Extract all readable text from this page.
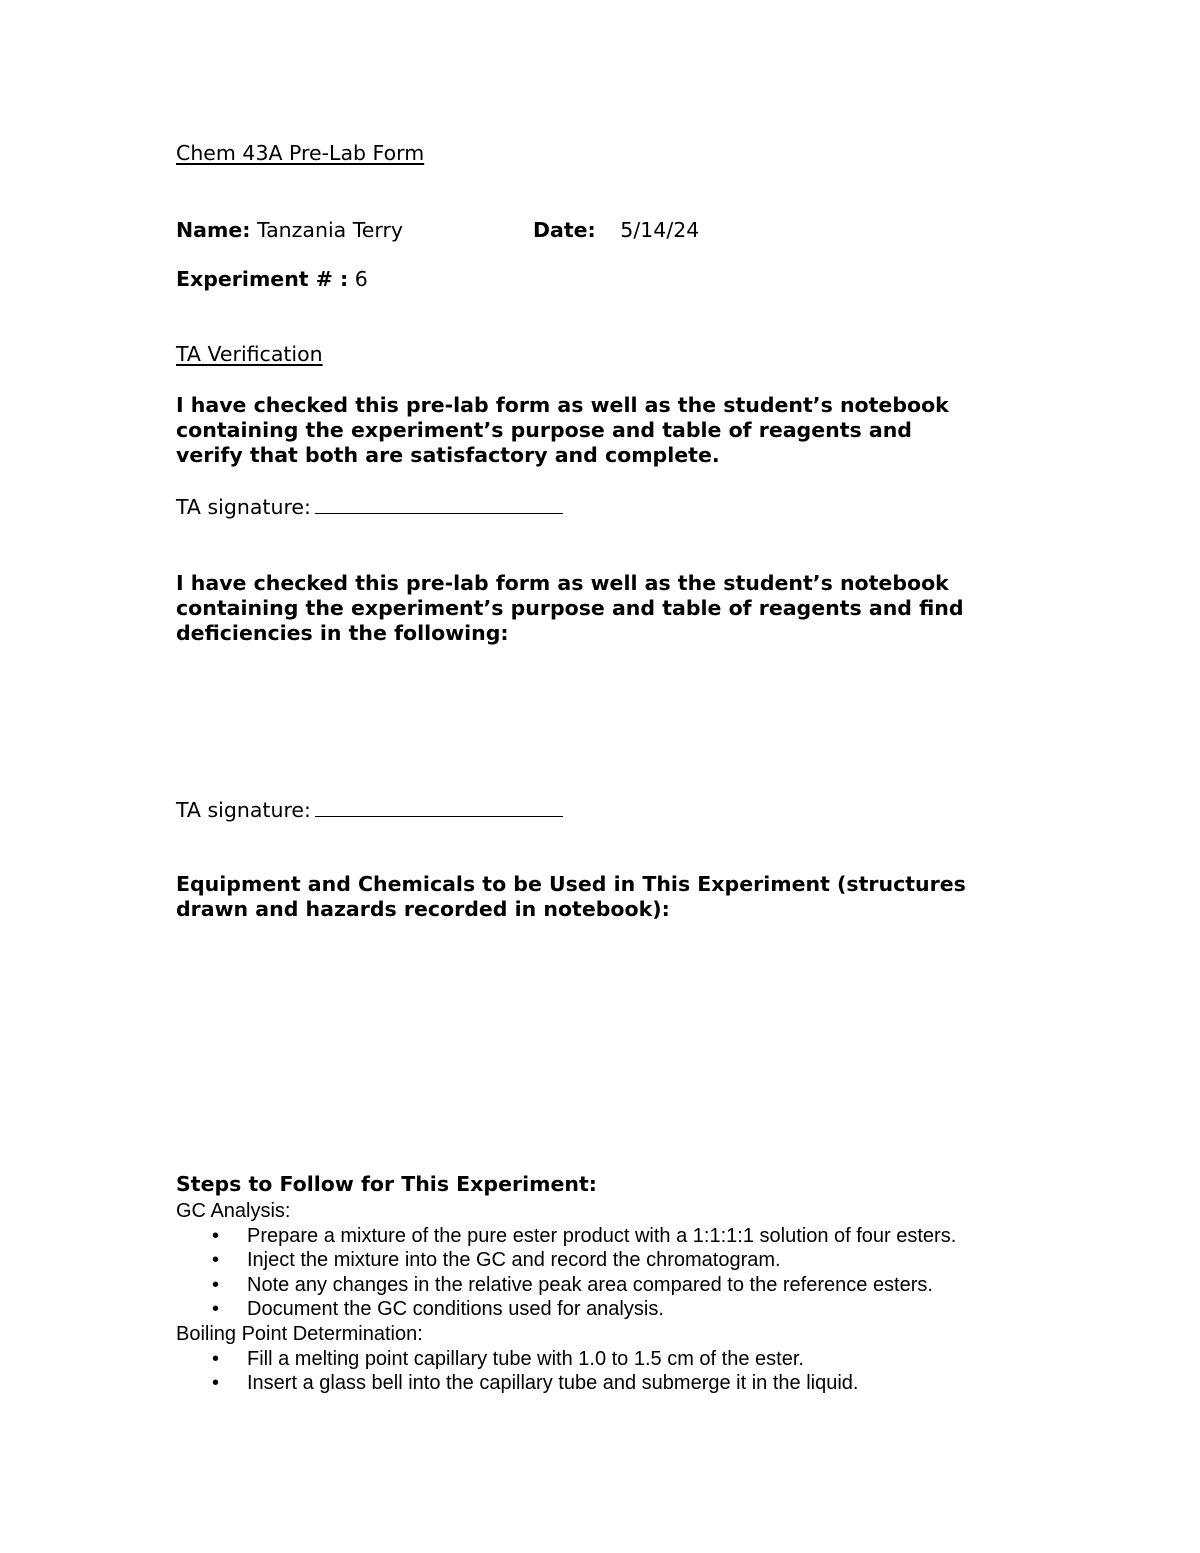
Chem 43A Pre-Lab Form
Name: Tanzania Terry	Date: 5/14/24
Experiment # : 6
TA Verification
I have checked this pre-lab form as well as the student’s notebook
containing the experiment’s purpose and table of reagents and
verify that both are satisfactory and complete.
TA signature:
I have checked this pre-lab form as well as the student’s notebook
containing the experiment’s purpose and table of reagents and find
deficiencies in the following:
TA signature:
Equipment and Chemicals to be Used in This Experiment (structures
drawn and hazards recorded in notebook):
Steps to Follow for This Experiment:
GC Analysis:
• Prepare a mixture of the pure ester product with a 1:1:1:1 solution of four esters.
• Inject the mixture into the GC and record the chromatogram.
• Note any changes in the relative peak area compared to the reference esters.
• Document the GC conditions used for analysis.
Boiling Point Determination:
• Fill a melting point capillary tube with 1.0 to 1.5 cm of the ester.
• Insert a glass bell into the capillary tube and submerge it in the liquid.
